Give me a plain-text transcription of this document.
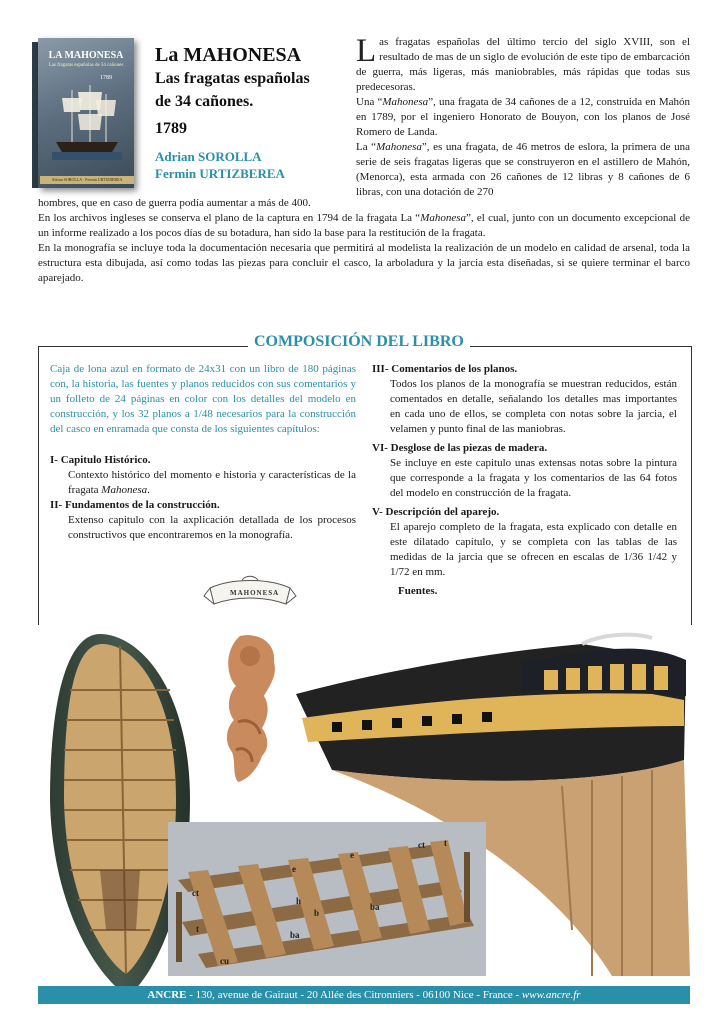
LA MAHONESA
Las fragatas españolas de 34 cañones
1789
Adrian SOROLLA · Fermin URTIZBEREA
La MAHONESA
Las fragatas españolas
de 34 cañones.
1789
Adrian SOROLLA
Fermin URTIZBEREA

Las fragatas españolas del último tercio del siglo XVIII, son el resultado de mas de un siglo de evolución de este tipo de embarcación de guerra, más ligeras, más maniobrables, más rápidas que todas sus predecesoras.

Una “Mahonesa”, una fragata de 34 cañones de a 12, construida en Mahón en 1789, por el ingeniero Honorato de Bouyon, con los planos de José Romero de Landa.

La “Mahonesa”, es una fragata, de 46 metros de eslora, la primera de una serie de seis fragatas ligeras que se construyeron en el astillero de Mahón, (Menorca), esta armada con 26 cañones de 12 libras y 8 cañones de 6 libras, con una dotación de 270

hombres, que en caso de guerra podía aumentar a más de 400.

En los archivos ingleses se conserva el plano de la captura en 1794 de la fragata La “Mahonesa”, el cual, junto con un documento excepcional de un informe realizado a los pocos días de su botadura, han sido la base para la restitución de la fragata.

En la monografía se incluye toda la documentación necesaria que permitirá al modelista la realización de un modelo en calidad de arsenal, toda la estructura esta dibujada, así como todas las piezas para concluir el casco, la arboladura y la jarcia esta diseñadas, si se quiere terminar el barco aparejado.

COMPOSICIÓN DEL LIBRO

Caja de lona azul en formato de 24x31 con un libro de 180 páginas con, la historia, las fuentes y planos reducidos con sus comentarios y un folleto de 24 páginas en color con los detalles del modelo en construcción, y los 32 planos a 1/48 necesarios para la construcción del casco en enramada que consta de los siguientes capítulos:

I- Capitulo Histórico.

Contexto histórico del momento e historia y características de la fragata Mahonesa.

II- Fundamentos de la construcción.

Extenso capitulo con la axplicación detallada de los procesos constructivos que encontraremos en la monografía.

III- Comentarios de los planos.

Todos los planos de la monografía se muestran reducidos, están comentados en detalle, señalando los detalles mas importantes en cada uno de ellos, se completa con notas sobre la jarcia, el velamen y punto final de las maniobras.

VI- Desglose de las piezas de madera.

Se incluye en este capitulo unas extensas notas sobre la pintura que corresponde a la fragata y los comentarios de las 64 fotos del modelo en construcción de la fragata.

V- Descripción del aparejo.

El aparejo completo de la fragata, esta explicado con detalle en este dilatado capítulo, y se completa con las tablas de las medidas de la jarcia que se ofrecen en escalas de 1/36 1/42 y 1/72 en mm.

Fuentes.

MAHONESA
ct t
e
e
h
b
ba
ba
ct
t
cu
ANCRE - 130, avenue de Gairaut - 20 Allée des Citronniers - 06100 Nice - France - www.ancre.fr
